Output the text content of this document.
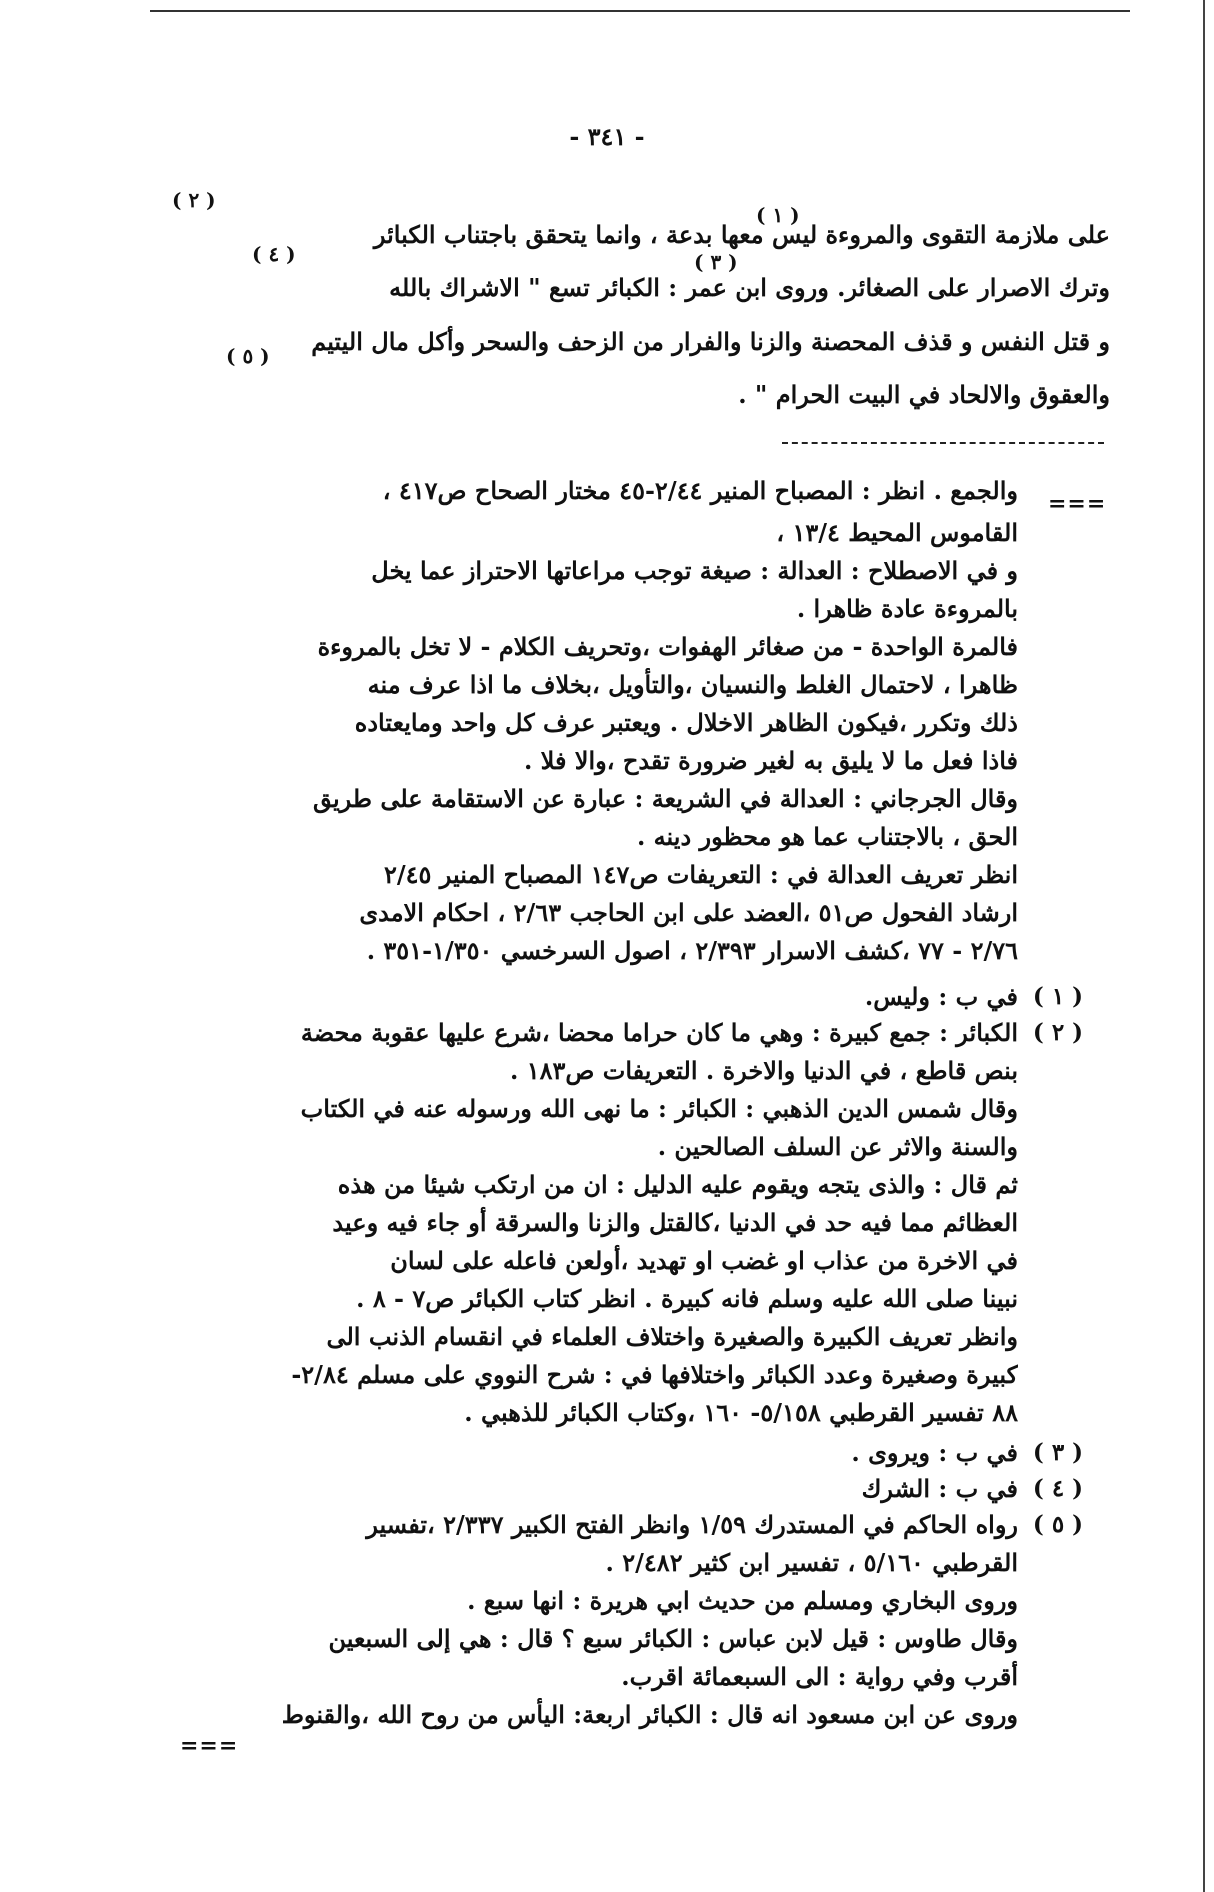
- ٣٤١ -
على ملازمة التقوى والمروءة ليس معها بدعة ، وانما يتحقق باجتناب الكبائر
وترك الاصرار على الصغائر. وروى ابن عمر : الكبائر تسع " الاشراك بالله
و قتل النفس و قذف المحصنة والزنا والفرار من الزحف والسحر وأكل مال اليتيم
والعقوق والالحاد في البيت الحرام " .
( ١ )
( ٢ )
( ٣ )
( ٤ )
( ٥ )
===
والجمع . انظر : المصباح المنير ٢/٤٤-٤٥ مختار الصحاح ص٤١٧ ،
القاموس المحيط ١٣/٤ ،
و في الاصطلاح : العدالة : صيغة توجب مراعاتها الاحتراز عما يخل
بالمروءة عادة ظاهرا .
فالمرة الواحدة - من صغائر الهفوات ،وتحريف الكلام - لا تخل بالمروءة
ظاهرا ، لاحتمال الغلط والنسيان ،والتأويل ،بخلاف ما اذا عرف منه
ذلك وتكرر ،فيكون الظاهر الاخلال . ويعتبر عرف كل واحد ومايعتاده
فاذا فعل ما لا يليق به لغير ضرورة تقدح ،والا فلا .
وقال الجرجاني : العدالة في الشريعة : عبارة عن الاستقامة على طريق
الحق ، بالاجتناب عما هو محظور دينه .
انظر تعريف العدالة في : التعريفات ص١٤٧ المصباح المنير ٢/٤٥
ارشاد الفحول ص٥١ ،العضد على ابن الحاجب ٢/٦٣ ، احكام الامدى
٢/٧٦ - ٧٧ ،كشف الاسرار ٢/٣٩٣ ، اصول السرخسي ١/٣٥٠-٣٥١ .
( ١ )
في ب : وليس.
( ٢ )
الكبائر : جمع كبيرة : وهي ما كان حراما محضا ،شرع عليها عقوبة محضة
بنص قاطع ، في الدنيا والاخرة . التعريفات ص١٨٣ .
وقال شمس الدين الذهبي : الكبائر : ما نهى الله ورسوله عنه في الكتاب
والسنة والاثر عن السلف الصالحين .
ثم قال : والذى يتجه ويقوم عليه الدليل : ان من ارتكب شيئا من هذه
العظائم مما فيه حد في الدنيا ،كالقتل والزنا والسرقة أو جاء فيه وعيد
في الاخرة من عذاب او غضب او تهديد ،أولعن فاعله على لسان
نبينا صلى الله عليه وسلم فانه كبيرة . انظر كتاب الكبائر ص٧ - ٨ .
وانظر تعريف الكبيرة والصغيرة واختلاف العلماء في انقسام الذنب الى
كبيرة وصغيرة وعدد الكبائر واختلافها في : شرح النووي على مسلم ٢/٨٤-
٨٨ تفسير القرطبي ٥/١٥٨- ١٦٠ ،وكتاب الكبائر للذهبي .
( ٣ )
في ب : ويروى .
( ٤ )
في ب : الشرك
( ٥ )
رواه الحاكم في المستدرك ١/٥٩ وانظر الفتح الكبير ٢/٣٣٧ ،تفسير
القرطبي ٥/١٦٠ ، تفسير ابن كثير ٢/٤٨٢ .
وروى البخاري ومسلم من حديث ابي هريرة : انها سبع .
وقال طاوس : قيل لابن عباس : الكبائر سبع ؟ قال : هي إلى السبعين
أقرب وفي رواية : الى السبعمائة اقرب.
وروى عن ابن مسعود انه قال : الكبائر اربعة: اليأس من روح الله ،والقنوط
===
